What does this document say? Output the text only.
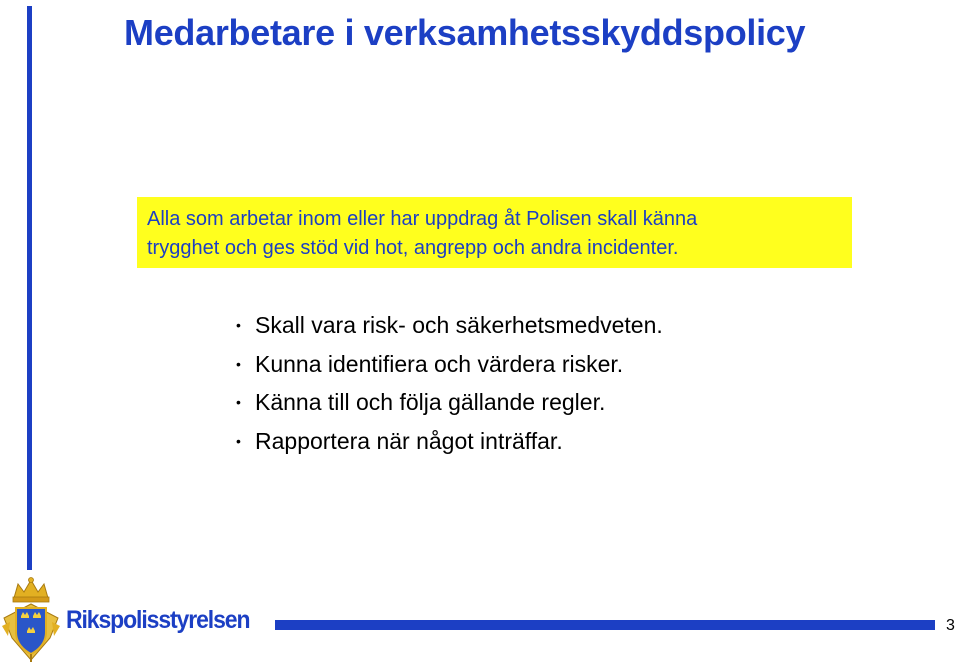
Medarbetare i verksamhetsskyddspolicy

Alla som arbetar inom eller har uppdrag åt Polisen skall känna

trygghet och ges stöd vid hot, angrepp och andra incidenter.

• Skall vara risk- och säkerhetsmedveten.
• Kunna identifiera och värdera risker.
• Känna till och följa gällande regler.
• Rapportera när något inträffar.
Rikspolisstyrelsen	3
